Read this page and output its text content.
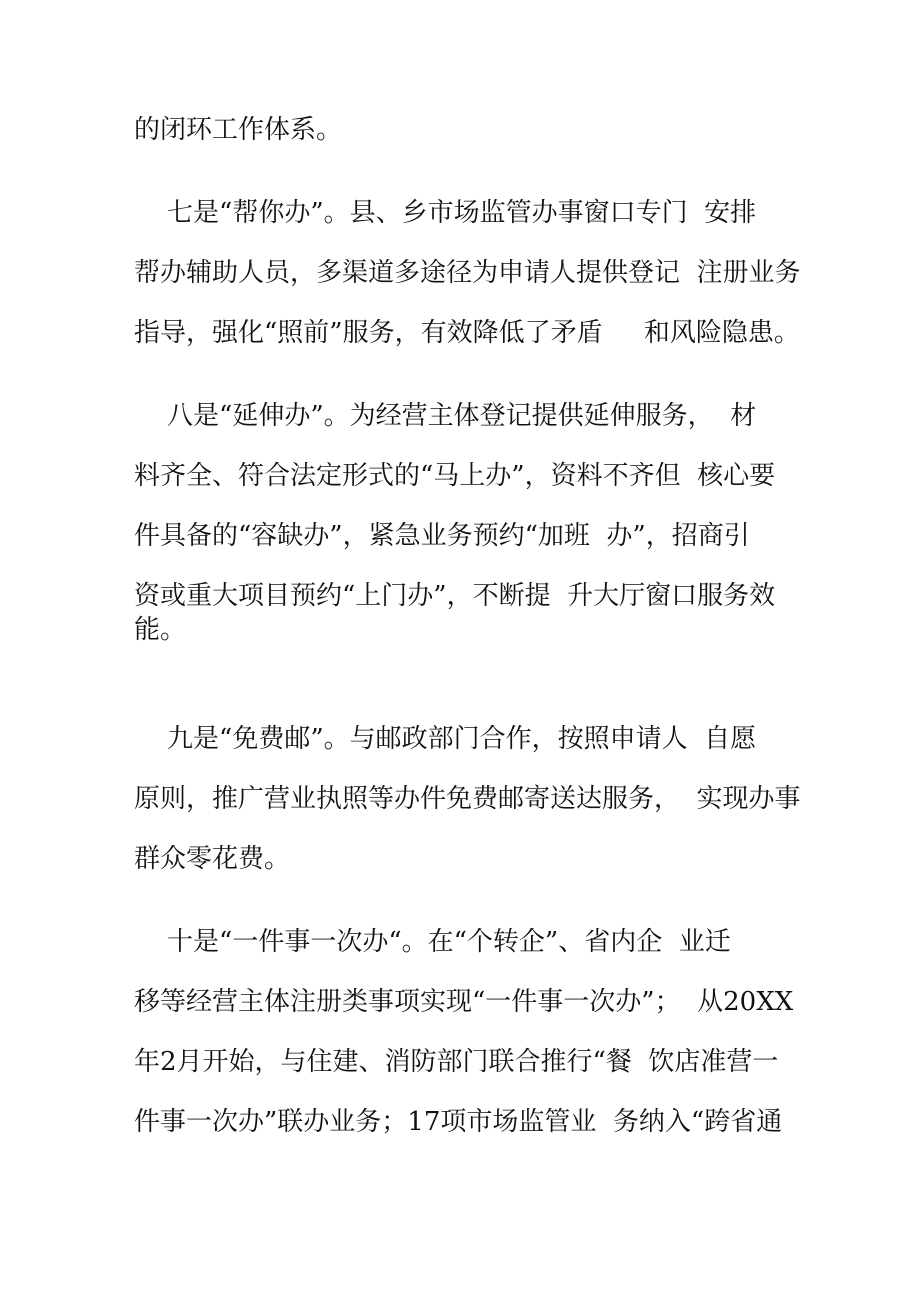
的闭环工作体系。
七是“帮你办”。县、乡市场监管办事窗口专门  安排
帮办辅助人员，多渠道多途径为申请人提供登记  注册业务
指导，强化“照前”服务，有效降低了矛盾     和风险隐患。
八是“延伸办”。为经营主体登记提供延伸服务，  材
料齐全、符合法定形式的“马上办”，资料不齐但  核心要
件具备的“容缺办”，紧急业务预约“加班  办”，招商引
资或重大项目预约“上门办”，不断提  升大厅窗口服务效
能。
九是“免费邮”。与邮政部门合作，按照申请人  自愿
原则，推广营业执照等办件免费邮寄送达服务，  实现办事
群众零花费。
十是“一件事一次办“。在“个转企”、省内企  业迁
移等经营主体注册类事项实现“一件事一次办”；  从20XX
年2月开始，与住建、消防部门联合推行“餐  饮店准营一
件事一次办”联办业务；17项市场监管业  务纳入“跨省通
